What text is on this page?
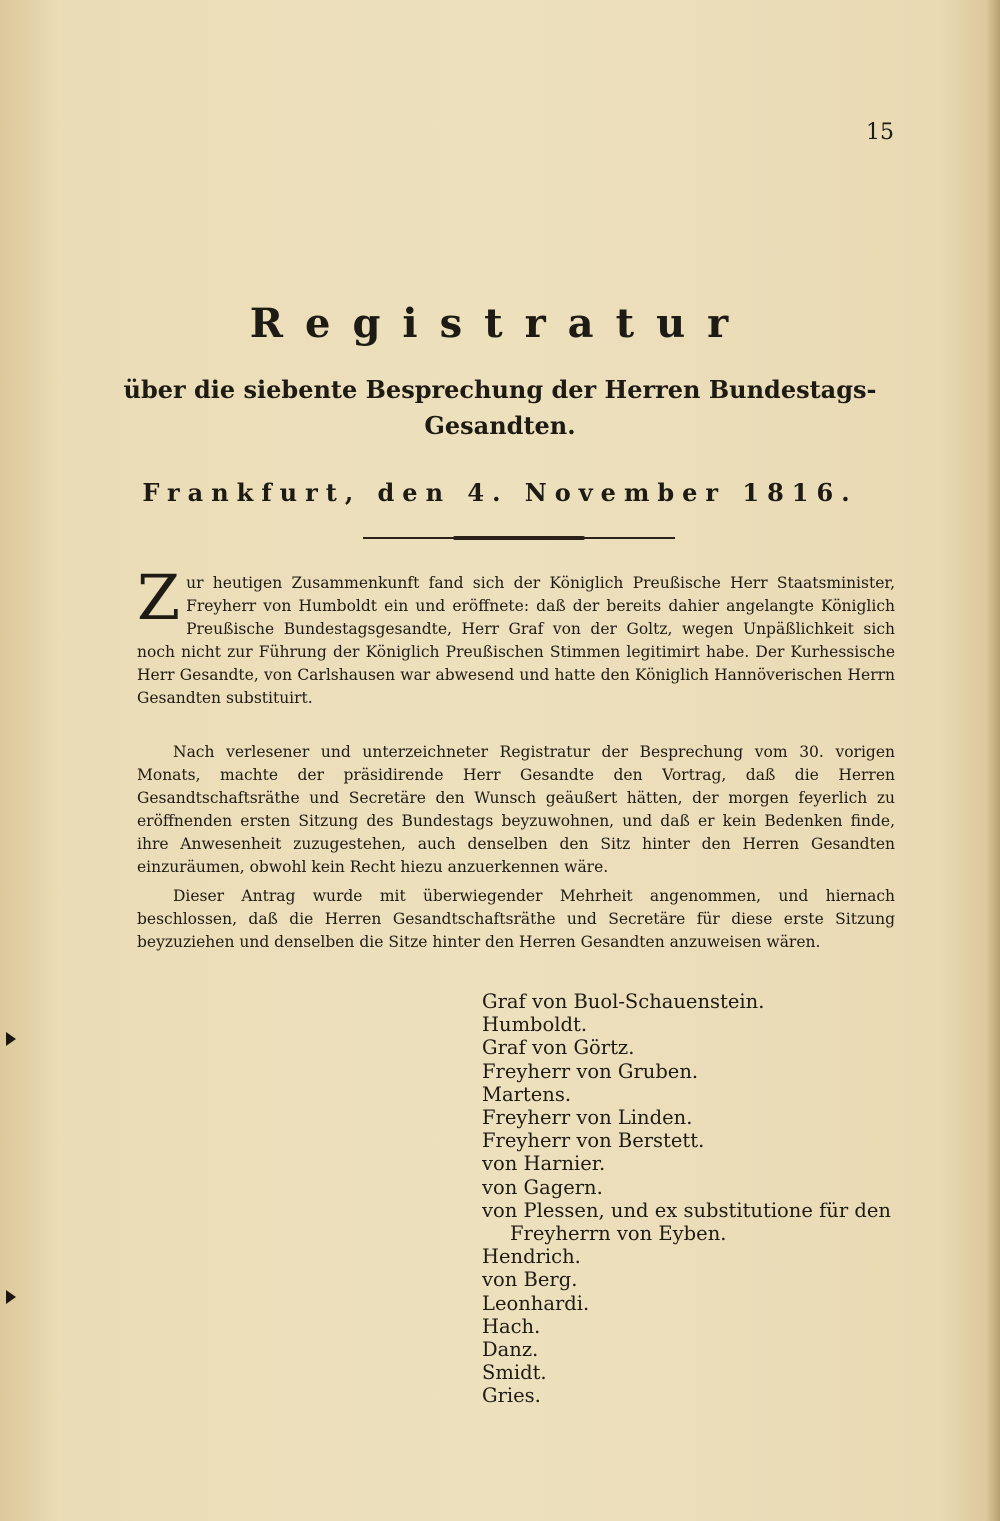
15
Registratur
über die siebente Besprechung der Herren Bundestags-
Gesandten.
Frankfurt, den 4. November 1816.
Zur heutigen Zusammenkunft fand sich der Königlich Preußische Herr Staatsminister, Freyherr von Humboldt ein und eröffnete: daß der bereits dahier angelangte Königlich Preußische Bundestagsgesandte, Herr Graf von der Goltz, wegen Unpäßlichkeit sich noch nicht zur Führung der Königlich Preußischen Stimmen legitimirt habe. Der Kurhessische Herr Gesandte, von Carlshausen war abwesend und hatte den Königlich Hannöverischen Herrn Gesandten substituirt.
Nach verlesener und unterzeichneter Registratur der Besprechung vom 30. vorigen Monats, machte der präsidirende Herr Gesandte den Vortrag, daß die Herren Gesandtschaftsräthe und Secretäre den Wunsch geäußert hätten, der morgen feyerlich zu eröffnenden ersten Sitzung des Bundestags beyzuwohnen, und daß er kein Bedenken finde, ihre Anwesenheit zuzugestehen, auch denselben den Sitz hinter den Herren Gesandten einzuräumen, obwohl kein Recht hiezu anzuerkennen wäre.
Dieser Antrag wurde mit überwiegender Mehrheit angenommen, und hiernach beschlossen, daß die Herren Gesandtschaftsräthe und Secretäre für diese erste Sitzung beyzuziehen und denselben die Sitze hinter den Herren Gesandten anzuweisen wären.
Graf von Buol-Schauenstein.
Humboldt.
Graf von Görtz.
Freyherr von Gruben.
Martens.
Freyherr von Linden.
Freyherr von Berstett.
von Harnier.
von Gagern.
von Plessen, und ex substitutione für den
Freyherrn von Eyben.
Hendrich.
von Berg.
Leonhardi.
Hach.
Danz.
Smidt.
Gries.
